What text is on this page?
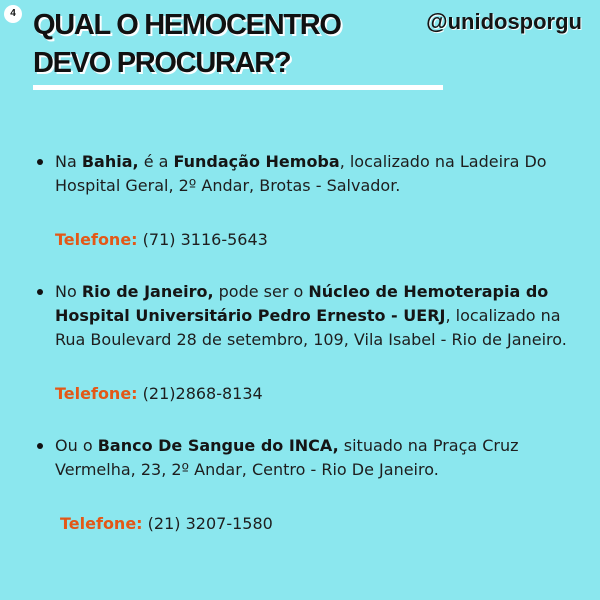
4 QUAL O HEMOCENTRO
DEVO PROCURAR?
@unidosporgu

Na Bahia, é a Fundação Hemoba, localizado na Ladeira Do Hospital Geral, 2º Andar, Brotas - Salvador.

Telefone: (71) 3116-5643

No Rio de Janeiro, pode ser o Núcleo de Hemoterapia do Hospital Universitário Pedro Ernesto - UERJ, localizado na Rua Boulevard 28 de setembro, 109, Vila Isabel - Rio de Janeiro.

Telefone: (21)2868-8134

Ou o Banco De Sangue do INCA, situado na Praça Cruz Vermelha, 23, 2º Andar, Centro - Rio De Janeiro.

Telefone: (21) 3207-1580
